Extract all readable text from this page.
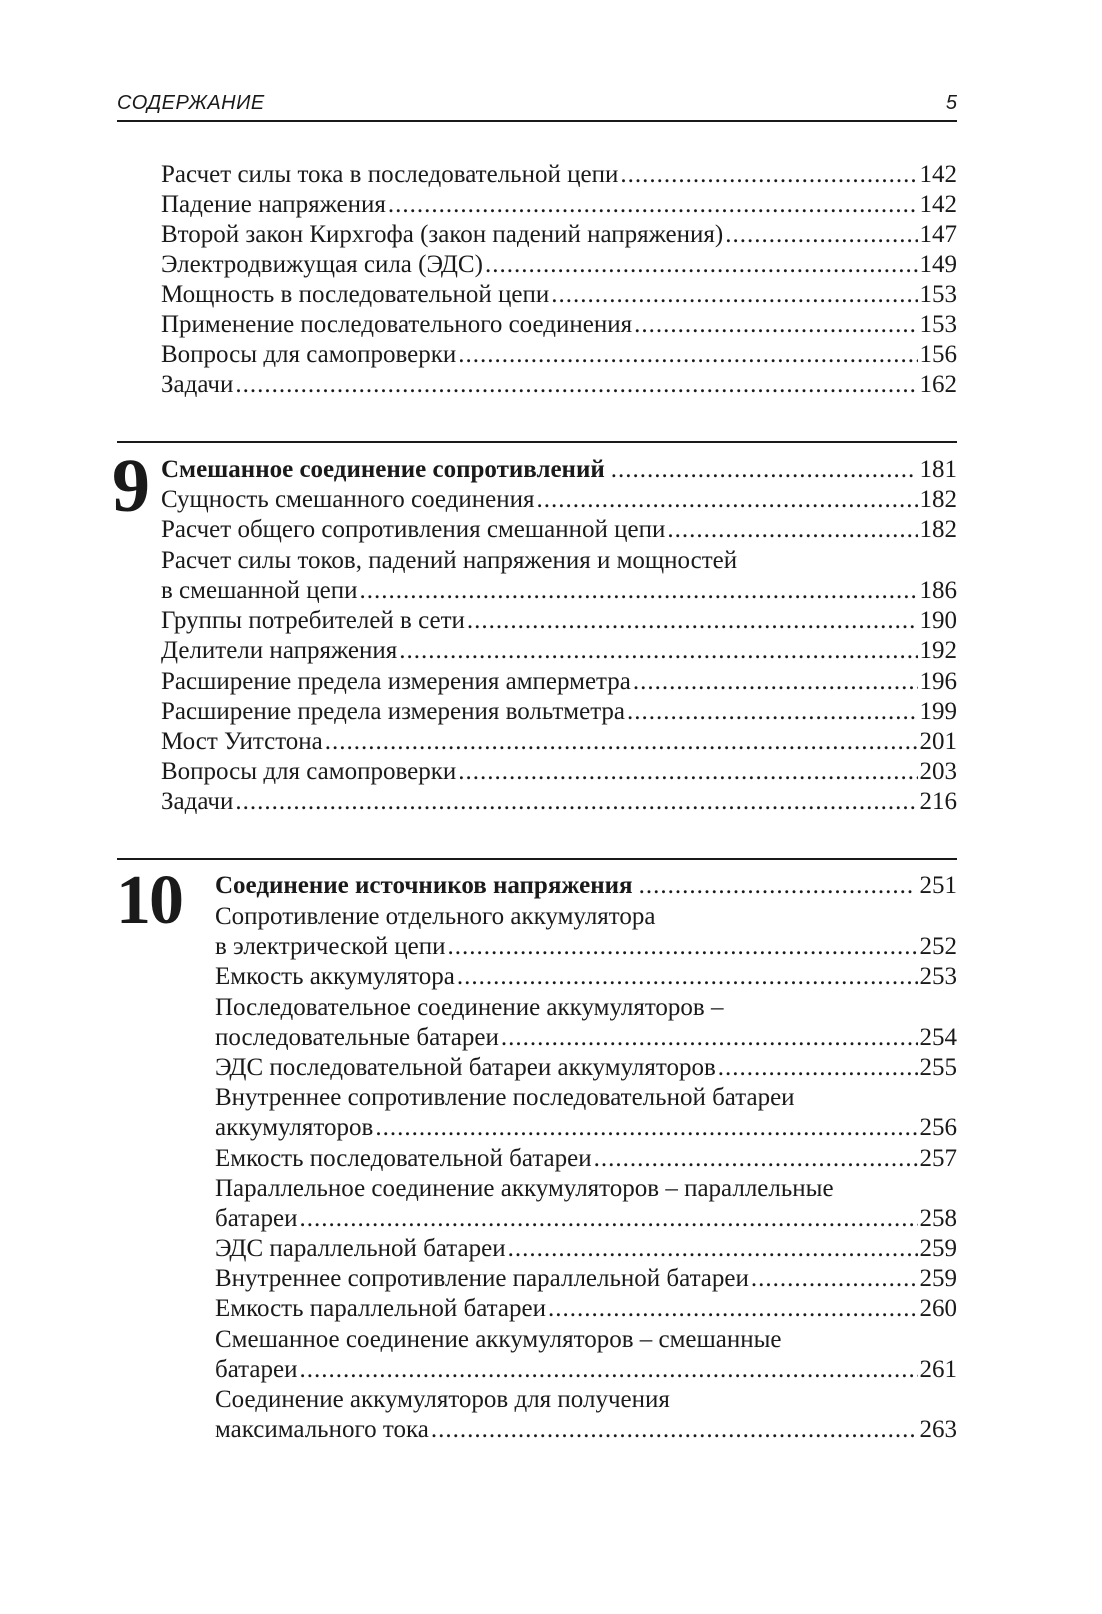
СОДЕРЖАНИЕ	5
Расчет силы тока в последовательной цепи .....	142
Падение напряжения .....	142
Второй закон Кирхгофа (закон падений напряжения) .....	147
Электродвижущая сила (ЭДС) .....	149
Мощность в последовательной цепи .....	153
Применение последовательного соединения .....	153
Вопросы для самопроверки .....	156
Задачи .....	162
9 Смешанное соединение сопротивлений .....	181
Сущность смешанного соединения .....	182
Расчет общего сопротивления смешанной цепи .....	182
Расчет силы токов, падений напряжения и мощностей
в смешанной цепи .....	186
Группы потребителей в сети .....	190
Делители напряжения .....	192
Расширение предела измерения амперметра .....	196
Расширение предела измерения вольтметра .....	199
Мост Уитстона .....	201
Вопросы для самопроверки .....	203
Задачи .....	216
10 Соединение источников напряжения .....	251
Сопротивление отдельного аккумулятора
в электрической цепи .....	252
Емкость аккумулятора .....	253
Последовательное соединение аккумуляторов –
последовательные батареи .....	254
ЭДС последовательной батареи аккумуляторов .....	255
Внутреннее сопротивление последовательной батареи
аккумуляторов .....	256
Емкость последовательной батареи .....	257
Параллельное соединение аккумуляторов – параллельные
батареи .....	258
ЭДС параллельной батареи .....	259
Внутреннее сопротивление параллельной батареи .....	259
Емкость параллельной батареи .....	260
Смешанное соединение аккумуляторов – смешанные
батареи .....	261
Соединение аккумуляторов для получения
максимального тока .....	263
